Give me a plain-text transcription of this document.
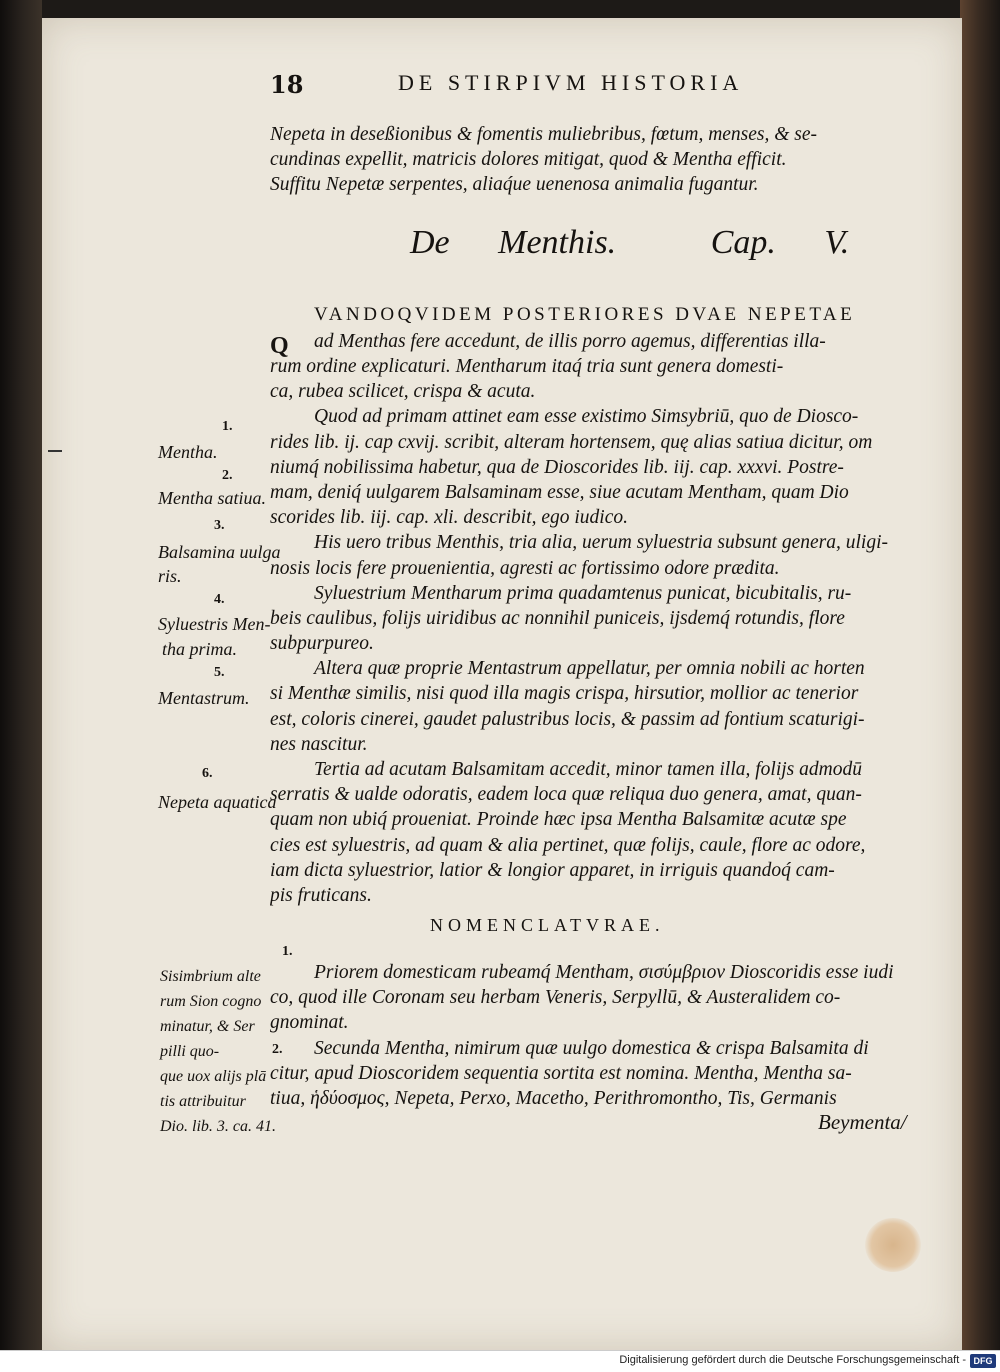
18	DE STIRPIVM HISTORIA
Nepeta in deseßionibus & fomentis muliebribus, fœtum, menses, & se-
cundinas expellit, matricis dolores mitigat, quod & Mentha efficit.
Suffitu Nepetæ serpentes, aliaq́ue uenenosa animalia fugantur.
De Menthis.	Cap. V.
VANDOQVIDEM POSTERIORES DVAE NEPETAE
Q ad Menthas fere accedunt, de illis porro agemus, differentias illa-
rum ordine explicaturi. Mentharum itaq́ tria sunt genera domesti-
ca, rubea scilicet, crispa & acuta.
Quod ad primam attinet eam esse existimo Simsybriū, quo de Diosco-
rides lib. ij. cap cxvij. scribit, alteram hortensem, quę alias satiua dicitur, om
niumq́ nobilissima habetur, qua de Dioscorides lib. iij. cap. xxxvi. Postre-
mam, deniq́ uulgarem Balsaminam esse, siue acutam Mentham, quam Dio
scorides lib. iij. cap. xli. describit, ego iudico.
His uero tribus Menthis, tria alia, uerum syluestria subsunt genera, uligi-
nosis locis fere prouenientia, agresti ac fortissimo odore prædita.
Syluestrium Mentharum prima quadamtenus punicat, bicubitalis, ru-
beis caulibus, folijs uiridibus ac nonnihil puniceis, ijsdemq́ rotundis, flore
subpurpureo.
Altera quæ proprie Mentastrum appellatur, per omnia nobili ac horten
si Menthæ similis, nisi quod illa magis crispa, hirsutior, mollior ac tenerior
est, coloris cinerei, gaudet palustribus locis, & passim ad fontium scaturigi-
nes nascitur.
Tertia ad acutam Balsamitam accedit, minor tamen illa, folijs admodū
serratis & ualde odoratis, eadem loca quæ reliqua duo genera, amat, quan-
quam non ubiq́ proueniat. Proinde hæc ipsa Mentha Balsamitæ acutæ spe
cies est syluestris, ad quam & alia pertinet, quæ folijs, caule, flore ac odore,
iam dicta syluestrior, latior & longior apparet, in irriguis quandoq́ cam-
pis fruticans.
NOMENCLATVRAE.
Priorem domesticam rubeamq́ Mentham, σισύμβριον Dioscoridis esse iudi
co, quod ille Coronam seu herbam Veneris, Serpyllū, & Austeralidem co-
gnominat.
Secunda Mentha, nimirum quæ uulgo domestica & crispa Balsamita di
citur, apud Dioscoridem sequentia sortita est nomina. Mentha, Mentha sa-
tiua, ἡδύοσμος, Nepeta, Perxo, Macetho, Perithromontho, Tis, Germanis
Beymenta/
1.
Mentha.
2.
Mentha satiua.
3.
Balsamina uulga
ris.
4.
Syluestris Men-
tha prima.
5.
Mentastrum.
6.
Nepeta aquatica
1.
Sisimbrium alte
rum Sion cogno
minatur, & Ser
pilli quo-	2.
que uox alijs plā
tis attribuitur
Dio. lib. 3. ca. 41.
Digitalisierung gefördert durch die Deutsche Forschungsgemeinschaft - DFG
